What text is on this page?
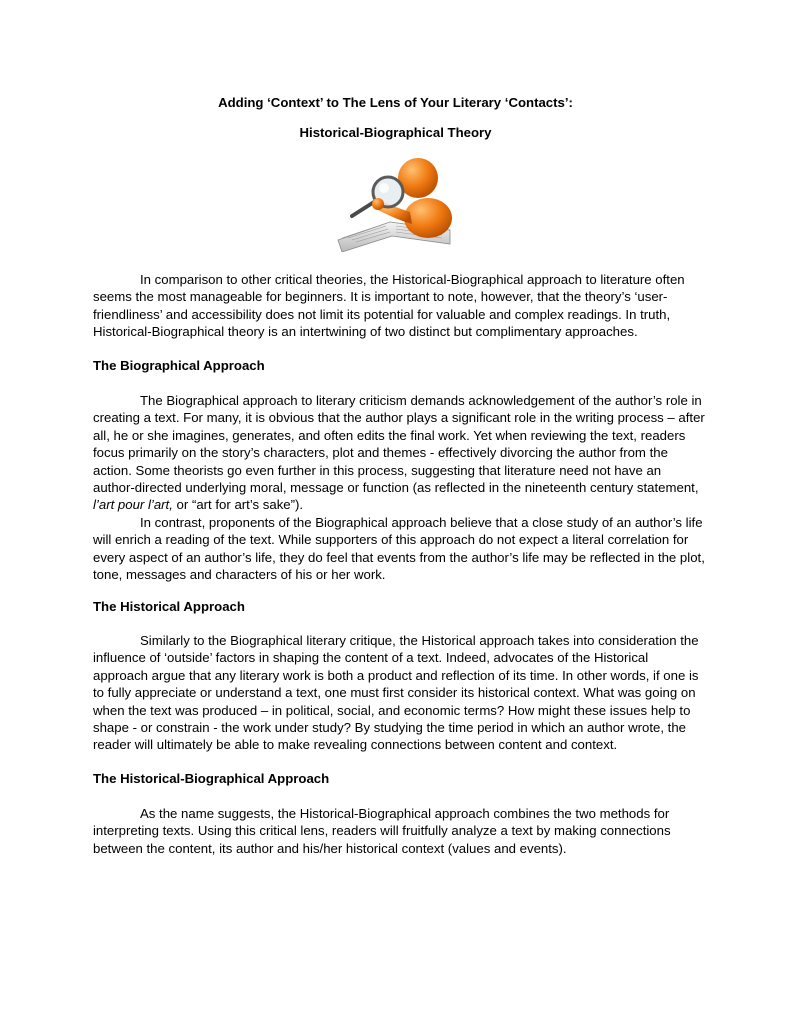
Adding ‘Context’ to The Lens of Your Literary ‘Contacts’:
Historical-Biographical Theory

In comparison to other critical theories, the Historical-Biographical approach to literature often seems the most manageable for beginners. It is important to note, however, that the theory’s ‘user-friendliness’ and accessibility does not limit its potential for valuable and complex readings. In truth, Historical-Biographical theory is an intertwining of two distinct but complimentary approaches.

The Biographical Approach

The Biographical approach to literary criticism demands acknowledgement of the author’s role in creating a text. For many, it is obvious that the author plays a significant role in the writing process – after all, he or she imagines, generates, and often edits the final work. Yet when reviewing the text, readers focus primarily on the story’s characters, plot and themes - effectively divorcing the author from the action. Some theorists go even further in this process, suggesting that literature need not have an author-directed underlying moral, message or function (as reflected in the nineteenth century statement, l’art pour l’art, or “art for art’s sake”).

In contrast, proponents of the Biographical approach believe that a close study of an author’s life will enrich a reading of the text. While supporters of this approach do not expect a literal correlation for every aspect of an author’s life, they do feel that events from the author’s life may be reflected in the plot, tone, messages and characters of his or her work.

The Historical Approach

Similarly to the Biographical literary critique, the Historical approach takes into consideration the influence of ‘outside’ factors in shaping the content of a text. Indeed, advocates of the Historical approach argue that any literary work is both a product and reflection of its time. In other words, if one is to fully appreciate or understand a text, one must first consider its historical context. What was going on when the text was produced – in political, social, and economic terms? How might these issues help to shape - or constrain - the work under study? By studying the time period in which an author wrote, the reader will ultimately be able to make revealing connections between content and context.

The Historical-Biographical Approach

As the name suggests, the Historical-Biographical approach combines the two methods for interpreting texts. Using this critical lens, readers will fruitfully analyze a text by making connections between the content, its author and his/her historical context (values and events).
